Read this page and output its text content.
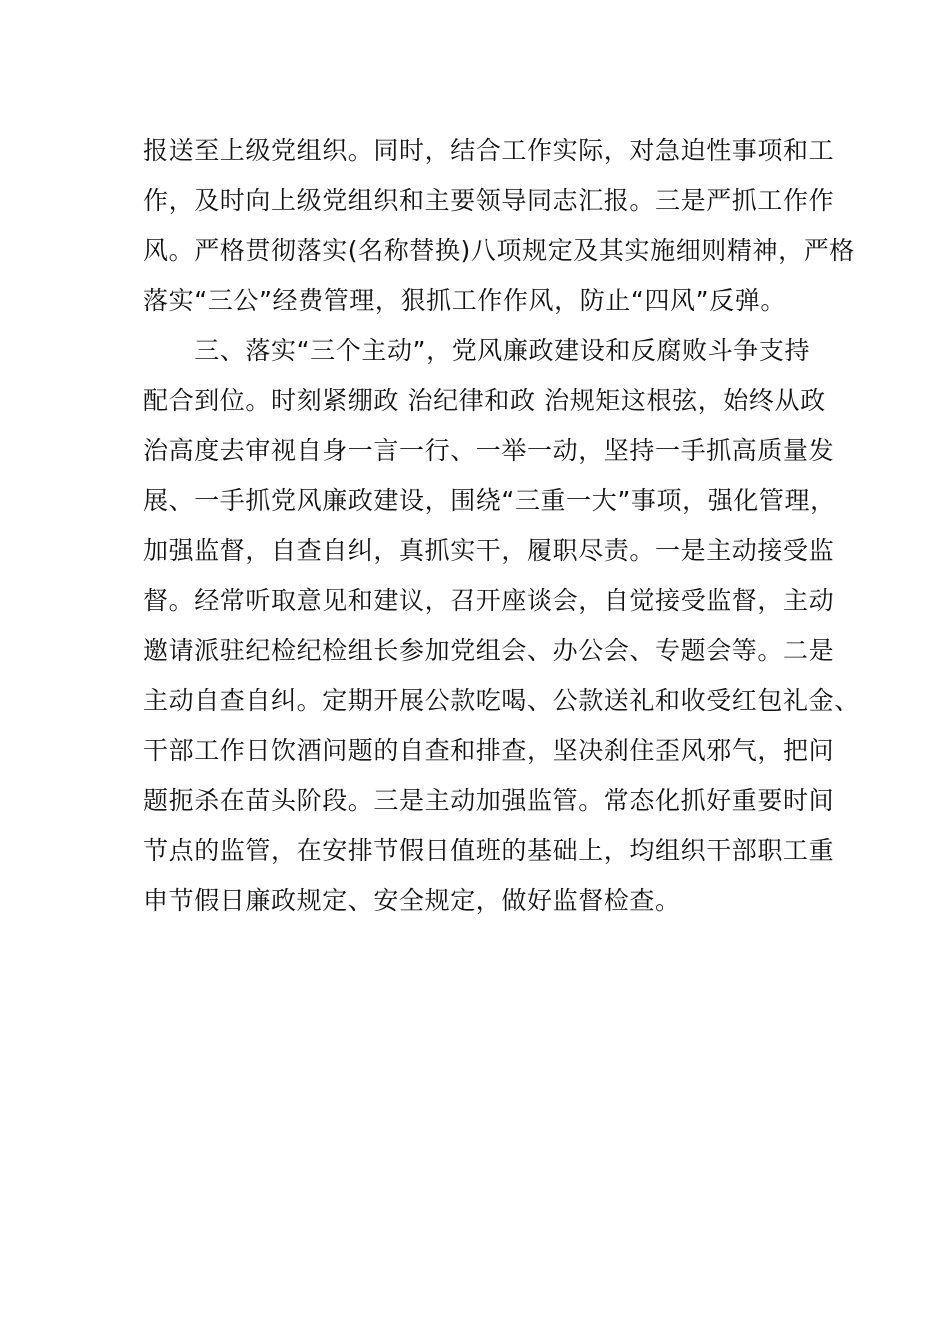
报送至上级党组织。同时，结合工作实际，对急迫性事项和工
作，及时向上级党组织和主要领导同志汇报。三是严抓工作作
风。严格贯彻落实(名称替换)八项规定及其实施细则精神，严格
落实“三公”经费管理，狠抓工作作风，防止“四风”反弹。
　　三、落实“三个主动”，党风廉政建设和反腐败斗争支持
配合到位。时刻紧绷政 治纪律和政 治规矩这根弦，始终从政
治高度去审视自身一言一行、一举一动，坚持一手抓高质量发
展、一手抓党风廉政建设，围绕“三重一大”事项，强化管理，
加强监督，自查自纠，真抓实干，履职尽责。一是主动接受监
督。经常听取意见和建议，召开座谈会，自觉接受监督，主动
邀请派驻纪检纪检组长参加党组会、办公会、专题会等。二是
主动自查自纠。定期开展公款吃喝、公款送礼和收受红包礼金、
干部工作日饮酒问题的自查和排查，坚决刹住歪风邪气，把问
题扼杀在苗头阶段。三是主动加强监管。常态化抓好重要时间
节点的监管，在安排节假日值班的基础上，均组织干部职工重
申节假日廉政规定、安全规定，做好监督检查。
